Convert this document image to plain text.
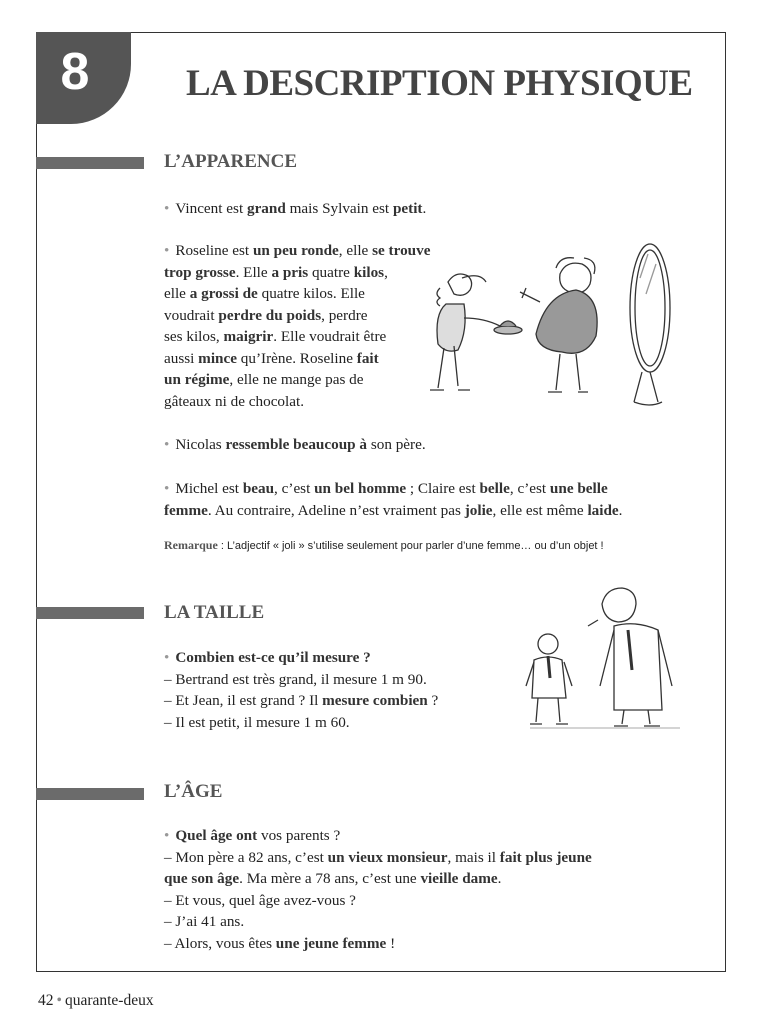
8	LA DESCRIPTION PHYSIQUE
L’APPARENCE
• Vincent est grand mais Sylvain est petit.
• Roseline est un peu ronde, elle se trouve
trop grosse. Elle a pris quatre kilos,
elle a grossi de quatre kilos. Elle
voudrait perdre du poids, perdre
ses kilos, maigrir. Elle voudrait être
aussi mince qu’Irène. Roseline fait
un régime, elle ne mange pas de
gâteaux ni de chocolat.
• Nicolas ressemble beaucoup à son père.
• Michel est beau, c’est un bel homme ; Claire est belle, c’est une belle
femme. Au contraire, Adeline n’est vraiment pas jolie, elle est même laide.
Remarque : L’adjectif « joli » s’utilise seulement pour parler d’une femme… ou d’un objet !
LA TAILLE
• Combien est-ce qu’il mesure ?
– Bertrand est très grand, il mesure 1 m 90.
– Et Jean, il est grand ? Il mesure combien ?
– Il est petit, il mesure 1 m 60.
L’ÂGE
• Quel âge ont vos parents ?
– Mon père a 82 ans, c’est un vieux monsieur, mais il fait plus jeune
que son âge. Ma mère a 78 ans, c’est une vieille dame.
– Et vous, quel âge avez-vous ?
– J’ai 41 ans.
– Alors, vous êtes une jeune femme !
42 • quarante-deux
